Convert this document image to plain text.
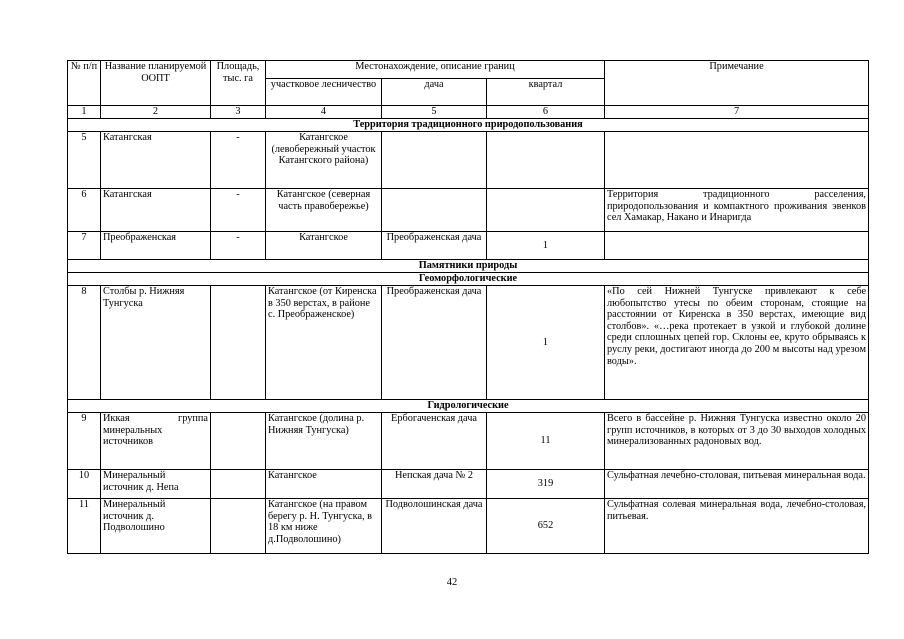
№ п/п	Название планируемой ООПТ	Площадь, тыс. га	Местонахождение, описание границ			Примечание
			участковое лесничество	дача	квартал	
1	2	3	4	5	6	7
Территория традиционного природопользования						
5	Катангская	-	Катангское (левобережный участок Катангского района)			
6	Катангская	-	Катангское (северная часть правобережье)			Территория традиционного расселения, природопользования и компактного проживания эвенков сел Хамакар, Накано и Инаригда
7	Преображенская	-	Катангское	Преображенская дача	1	
Памятники природы						
Геоморфологические						
8	Столбы р. Нижняя Тунгуска		Катангское (от Киренска в 350 верстах, в районе с. Преображенское)	Преображенская дача	1	«По сей Нижней Тунгуске привлекают к себе любопытство утесы по обеим сторонам, стоящие на расстоянии от Киренска в 350 верстах, имеющие вид столбов». «…река протекает в узкой и глубокой долине среди сплошных цепей гор. Склоны ее, круто обрываясь к руслу реки, достигают иногда до 200 м высоты над урезом воды».
Гидрологические						
9	Иккая группа минеральных источников		Катангское (долина р. Нижняя Тунгуска)	Ербогаченская дача	11	Всего в бассейне р. Нижняя Тунгуска известно около 20 групп источников, в которых от 3 до 30 выходов холодных минерализованных радоновых вод.
10	Минеральный источник д. Непа		Катангское	Непская дача № 2	319	Сульфатная лечебно-столовая, питьевая минеральная вода.
11	Минеральный источник д. Подволошино		Катангское (на правом берегу р. Н. Тунгуска, в 18 км ниже д.Подволошино)	Подволошинская дача	652	Сульфатная солевая минеральная вода, лечебно-столовая, питьевая.
42
